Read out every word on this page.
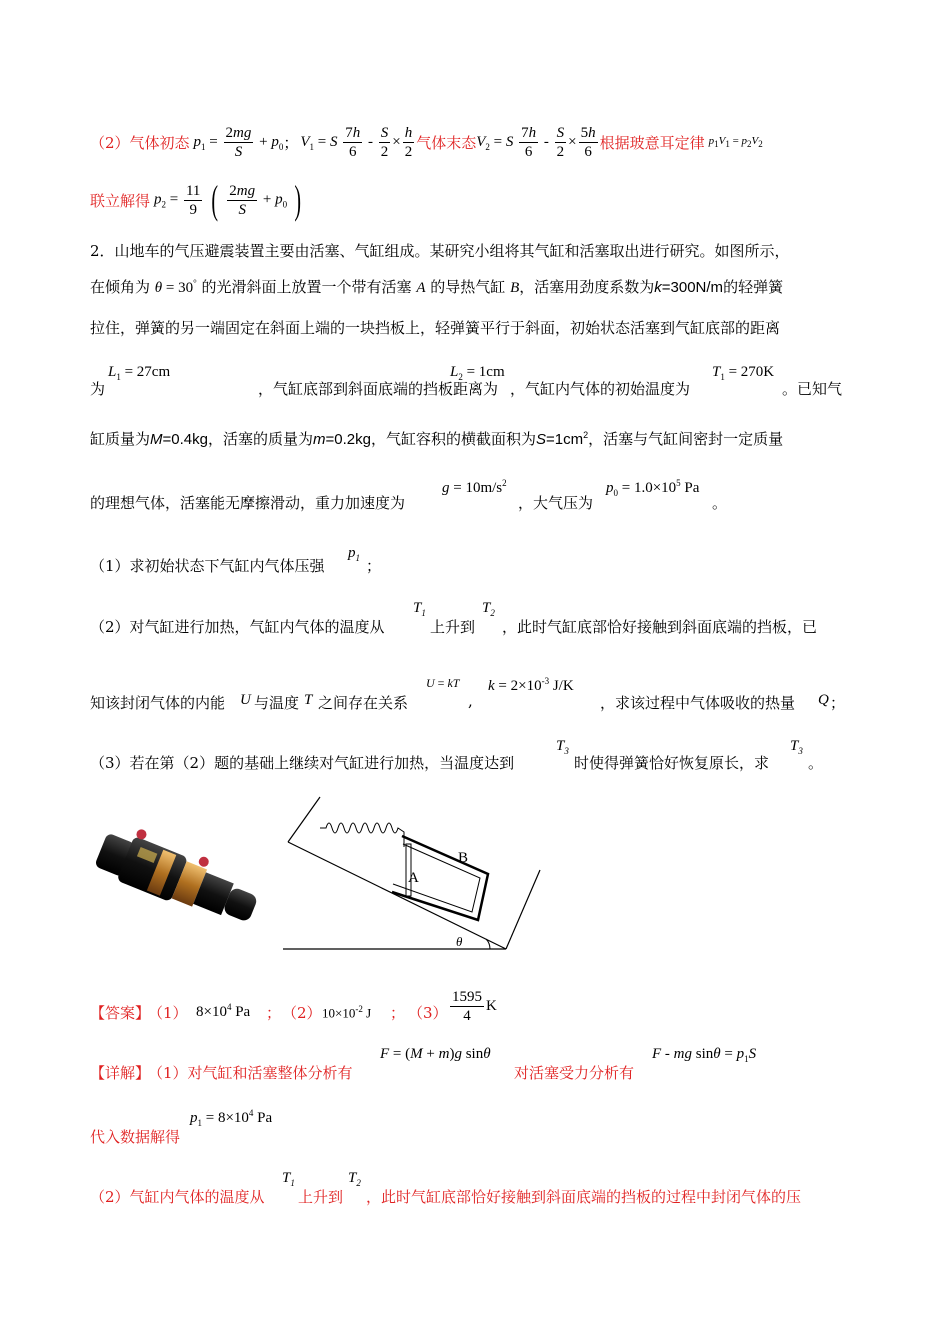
（2）气体初态 $p_1 = \frac{2mg}{S} + p_0$ ； $V_1 = S \frac{7h}{6} - \frac{S}{2} \times \frac{h}{2}$ 气体末态 $V_2 = S \frac{7h}{6} - \frac{S}{2} \times \frac{5h}{6}$ 根据玻意耳定律 $p_1V_1 = p_2V_2$
联立解得 $p_2 = \frac{11}{9}$ ( $\frac{2mg}{S} + p_0$ )
2．山地车的气压避震装置主要由活塞、气缸组成。某研究小组将其气缸和活塞取出进行研究。如图所示，
在倾角为 θ = 30° 的光滑斜面上放置一个带有活塞 A 的导热气缸 B，活塞用劲度系数为k=300N/m的轻弹簧
拉住，弹簧的另一端固定在斜面上端的一块挡板上，轻弹簧平行于斜面，初始状态活塞到气缸底部的距离
为
$L_1 = 27cm$
，气缸底部到斜面底端的挡板距离为
$L_2 = 1cm$
，气缸内气体的初始温度为
$T_1 = 270K$
。已知气
缸质量为M=0.4kg，活塞的质量为m=0.2kg，气缸容积的横截面积为$S=1cm^2$，活塞与气缸间密封一定质量
的理想气体，活塞能无摩擦滑动，重力加速度为
$g = 10m/s^2$
，大气压为
$p_0 = 1.0\times 10^5$ Pa
。
（1）求初始状态下气缸内气体压强
$p_1$ ；
（2）对气缸进行加热，气缸内气体的温度从
$T_1$
上升到
$T_2$
，此时气缸底部恰好接触到斜面底端的挡板，已
知该封闭气体的内能 U 与温度 T 之间存在关系
U = kT
,
$k = 2\times 10^{-3}$ J/K
，求该过程中气体吸收的热量 Q ；
（3）若在第（2）题的基础上继续对气缸进行加热，当温度达到
$T_3$
时使得弹簧恰好恢复原长，求
$T_3$
。
A
B
θ
【答案】
（1） $8\times 10^4$ Pa ； （2） $10\times 10^{-2}$ J ； $(3) \frac{1595}{4}$ K
【详解】
（1）对气缸和活塞整体分析有
F = (M + m)g sinθ
对活塞受力分析有
F - mg $\sin\theta = p_1S$
代入数据解得
$p_1 = 8\times 10^4$ Pa
（2）气缸内气体的温度从
$T_1$
上升到
$T_2$
，此时气缸底部恰好接触到斜面底端的挡板的过程中封闭气体的压
